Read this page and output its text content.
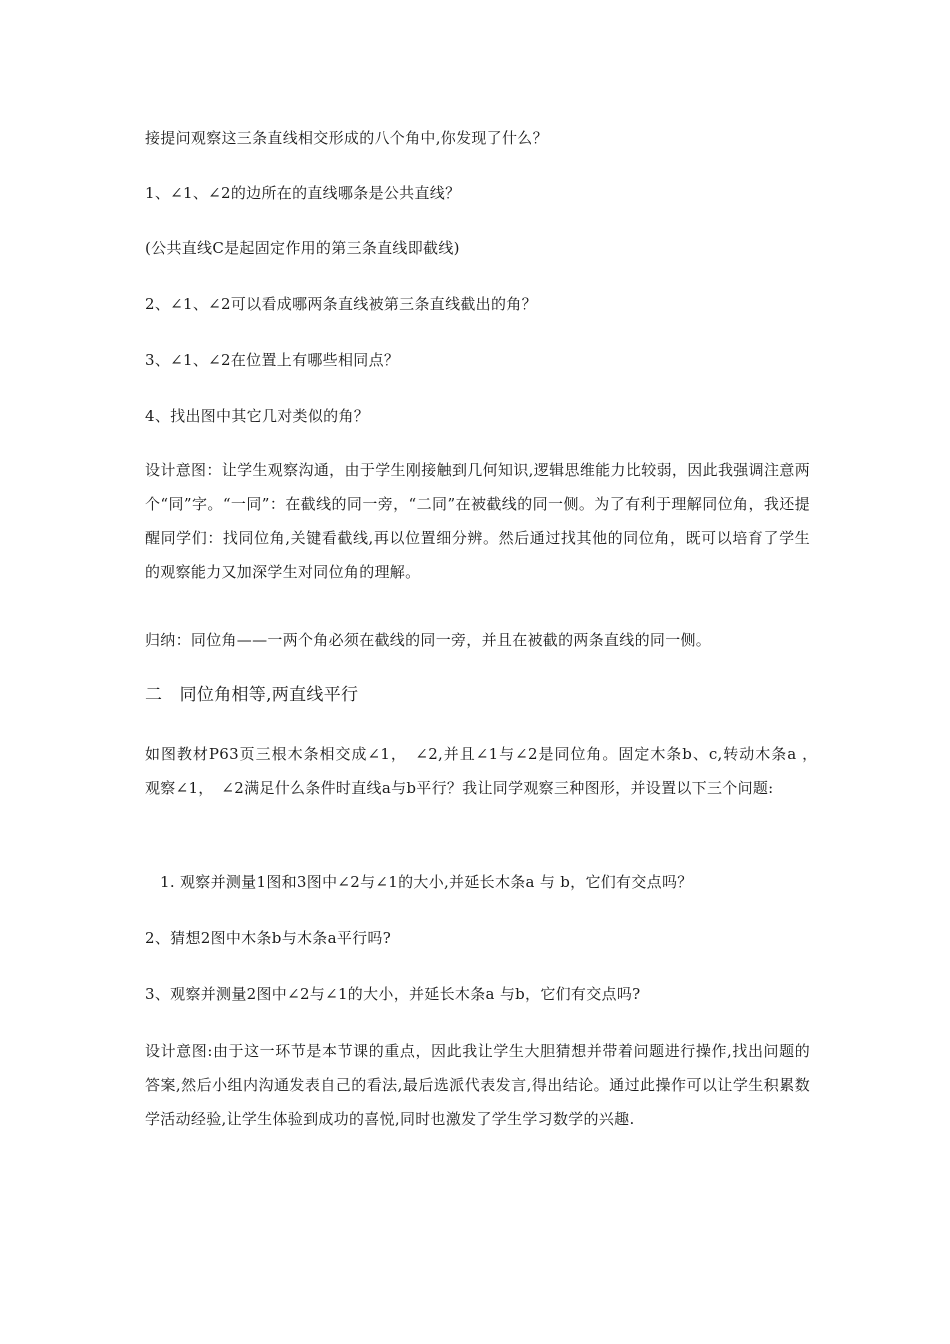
接提问观察这三条直线相交形成的八个角中,你发现了什么？
1、∠1、∠2的边所在的直线哪条是公共直线？
(公共直线C是起固定作用的第三条直线即截线)
2、∠1、∠2可以看成哪两条直线被第三条直线截出的角？
3、∠1、∠2在位置上有哪些相同点？
4、找出图中其它几对类似的角？
设计意图：让学生观察沟通，由于学生刚接触到几何知识,逻辑思维能力比较弱，因此我强调注意两个“同”字。“一同”：在截线的同一旁，“二同”在被截线的同一侧。为了有利于理解同位角，我还提醒同学们：找同位角,关键看截线,再以位置细分辨。然后通过找其他的同位角，既可以培育了学生的观察能力又加深学生对同位角的理解。
归纳：同位角——一两个角必须在截线的同一旁，并且在被截的两条直线的同一侧。
二　同位角相等,两直线平行
如图教材P63页三根木条相交成∠1，　∠2,并且∠1与∠2是同位角。固定木条b、c,转动木条a ，　观察∠1，　∠2满足什么条件时直线a与b平行？我让同学观察三种图形，并设置以下三个问题:
1. 观察并测量1图和3图中∠2与∠1的大小,并延长木条a 与 b，它们有交点吗？
2、猜想2图中木条b与木条a平行吗?
3、观察并测量2图中∠2与∠1的大小，并延长木条a 与b，它们有交点吗?
设计意图:由于这一环节是本节课的重点，因此我让学生大胆猜想并带着问题进行操作,找出问题的答案,然后小组内沟通发表自己的看法,最后选派代表发言,得出结论。通过此操作可以让学生积累数学活动经验,让学生体验到成功的喜悦,同时也激发了学生学习数学的兴趣.
